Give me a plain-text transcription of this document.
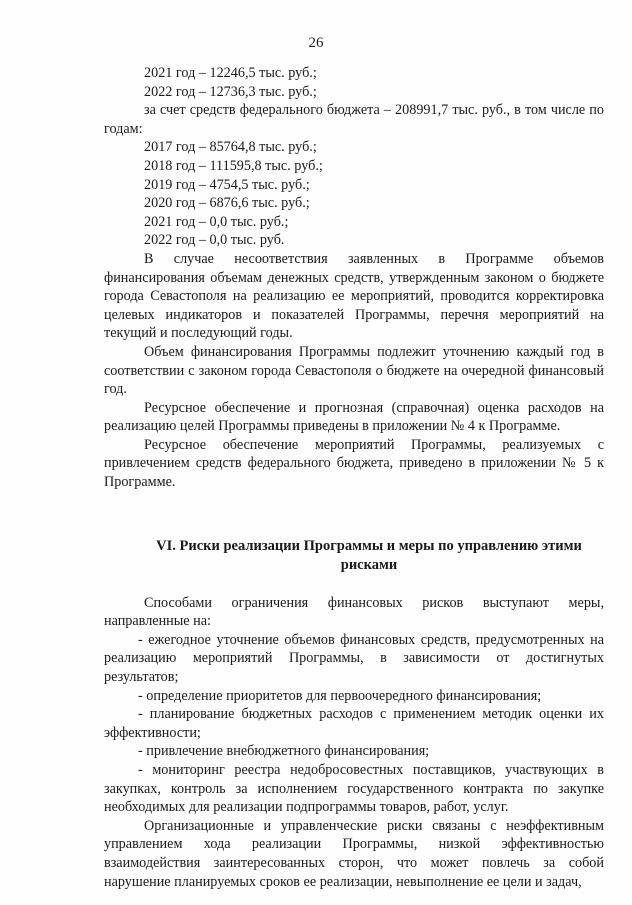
26

2021 год – 12246,5 тыс. руб.;

2022 год – 12736,3 тыс. руб.;

за счет средств федерального бюджета – 208991,7 тыс. руб., в том числе по годам:

2017 год – 85764,8 тыс. руб.;

2018 год – 111595,8 тыс. руб.;

2019 год – 4754,5 тыс. руб.;

2020 год – 6876,6 тыс. руб.;

2021 год – 0,0 тыс. руб.;

2022 год – 0,0 тыс. руб.

В случае несоответствия заявленных в Программе объемов финансирования объемам денежных средств, утвержденным законом о бюджете города Севастополя на реализацию ее мероприятий, проводится корректировка целевых индикаторов и показателей Программы, перечня мероприятий на текущий и последующий годы.

Объем финансирования Программы подлежит уточнению каждый год в соответствии с законом города Севастополя о бюджете на очередной финансовый год.

Ресурсное обеспечение и прогнозная (справочная) оценка расходов на реализацию целей Программы приведены в приложении № 4 к Программе.

Ресурсное обеспечение мероприятий Программы, реализуемых с привлечением средств федерального бюджета, приведено в приложении № 5 к Программе.

VI. Риски реализации Программы и меры по управлению этими рисками

Способами ограничения финансовых рисков выступают меры, направленные на:

- ежегодное уточнение объемов финансовых средств, предусмотренных на реализацию мероприятий Программы, в зависимости от достигнутых результатов;

- определение приоритетов для первоочередного финансирования;

- планирование бюджетных расходов с применением методик оценки их эффективности;

- привлечение внебюджетного финансирования;

- мониторинг реестра недобросовестных поставщиков, участвующих в закупках, контроль за исполнением государственного контракта по закупке необходимых для реализации подпрограммы товаров, работ, услуг.

Организационные и управленческие риски связаны с неэффективным управлением хода реализации Программы, низкой эффективностью взаимодействия заинтересованных сторон, что может повлечь за собой нарушение планируемых сроков ее реализации, невыполнение ее цели и задач,
